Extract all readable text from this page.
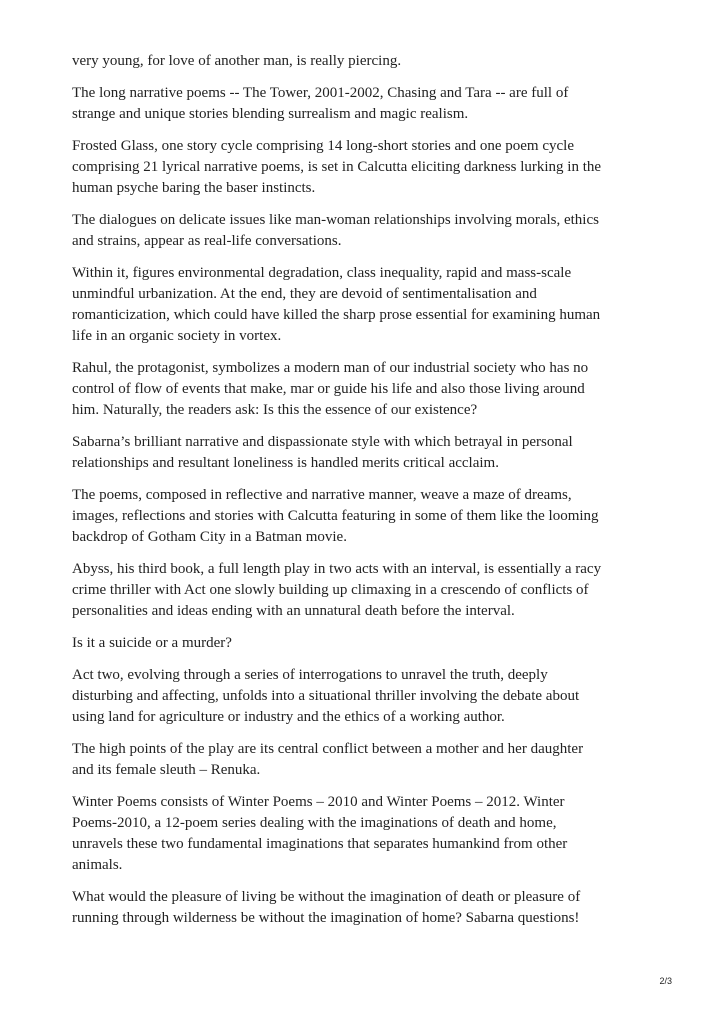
very young, for love of another man, is really piercing.

The long narrative poems -- The Tower, 2001-2002, Chasing and Tara -- are full of
strange and unique stories blending surrealism and magic realism.

Frosted Glass, one story cycle comprising 14 long-short stories and one poem cycle
comprising 21 lyrical narrative poems, is set in Calcutta eliciting darkness lurking in the
human psyche baring the baser instincts.

The dialogues on delicate issues like man-woman relationships involving morals, ethics
and strains, appear as real-life conversations.

Within it, figures environmental degradation, class inequality, rapid and mass-scale
unmindful urbanization. At the end, they are devoid of sentimentalisation and
romanticization, which could have killed the sharp prose essential for examining human
life in an organic society in vortex.

Rahul, the protagonist, symbolizes a modern man of our industrial society who has no
control of flow of events that make, mar or guide his life and also those living around
him. Naturally, the readers ask: Is this the essence of our existence?

Sabarna’s brilliant narrative and dispassionate style with which betrayal in personal
relationships and resultant loneliness is handled merits critical acclaim.

The poems, composed in reflective and narrative manner, weave a maze of dreams,
images, reflections and stories with Calcutta featuring in some of them like the looming
backdrop of Gotham City in a Batman movie.

Abyss, his third book, a full length play in two acts with an interval, is essentially a racy
crime thriller with Act one slowly building up climaxing in a crescendo of conflicts of
personalities and ideas ending with an unnatural death before the interval.

Is it a suicide or a murder?

Act two, evolving through a series of interrogations to unravel the truth, deeply
disturbing and affecting, unfolds into a situational thriller involving the debate about
using land for agriculture or industry and the ethics of a working author.

The high points of the play are its central conflict between a mother and her daughter
and its female sleuth – Renuka.

Winter Poems consists of Winter Poems – 2010 and Winter Poems – 2012. Winter
Poems-2010, a 12-poem series dealing with the imaginations of death and home,
unravels these two fundamental imaginations that separates humankind from other
animals.

What would the pleasure of living be without the imagination of death or pleasure of
running through wilderness be without the imagination of home? Sabarna questions!

2/3
